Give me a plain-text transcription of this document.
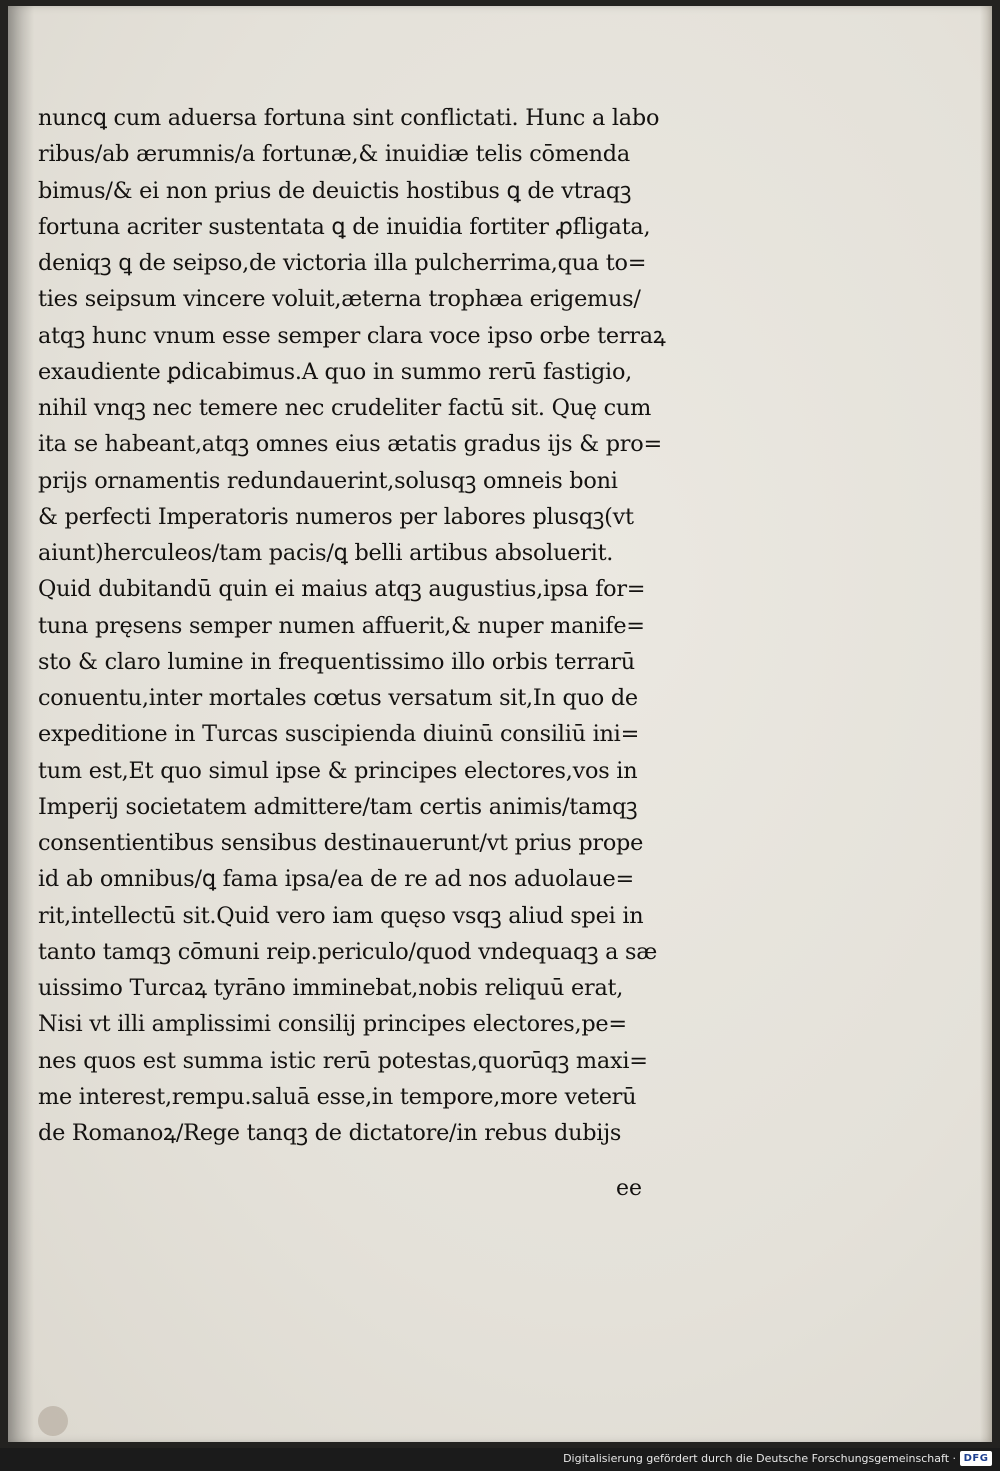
nuncꝗ cum aduersa fortuna sint conflictati. Hunc a labo
ribus/ab ærumnis/a fortunæ,& inuidiæ telis cōmenda
bimus/& ei non prius de deuictis hostibus ꝗ de vtraqꝫ
fortuna acriter sustentata ꝗ de inuidia fortiter ꝓfligata,
deniqꝫ ꝗ de seipso,de victoria illa pulcherrima,qua to=
ties seipsum vincere voluit,æterna trophæa erigemus/
atqꝫ hunc vnum esse semper clara voce ipso orbe terraꝝ
exaudiente ꝑdicabimus.A quo in summo rerū fastigio,
nihil vnqꝫ nec temere nec crudeliter factū sit. Quę cum
ita se habeant,atqꝫ omnes eius ætatis gradus ijs & pro=
prijs ornamentis redundauerint,solusqꝫ omneis boni
& perfecti Imperatoris numeros per labores plusqꝫ(vt
aiunt)herculeos/tam pacis/ꝗ belli artibus absoluerit.
Quid dubitandū quin ei maius atqꝫ augustius,ipsa for=
tuna pręsens semper numen affuerit,& nuper manife=
sto & claro lumine in frequentissimo illo orbis terrarū
conuentu,inter mortales cœtus versatum sit,In quo de
expeditione in Turcas suscipienda diuinū consiliū ini=
tum est,Et quo simul ipse & principes electores,vos in
Imperij societatem admittere/tam certis animis/tamqꝫ
consentientibus sensibus destinauerunt/vt prius prope
id ab omnibus/ꝗ fama ipsa/ea de re ad nos aduolaue=
rit,intellectū sit.Quid vero iam quęso vsqꝫ aliud spei in
tanto tamqꝫ cōmuni reip.periculo/quod vndequaqꝫ a sæ
uissimo Turcaꝝ tyrāno imminebat,nobis reliquū erat,
Nisi vt illi amplissimi consilij principes electores,pe=
nes quos est summa istic rerū potestas,quorūqꝫ maxi=
me interest,rempu.saluā esse,in tempore,more veterū
de Romanoꝝ/Rege tanqꝫ de dictatore/in rebus dubijs
ee
Digitalisierung gefördert durch die Deutsche Forschungsgemeinschaft · DFG
